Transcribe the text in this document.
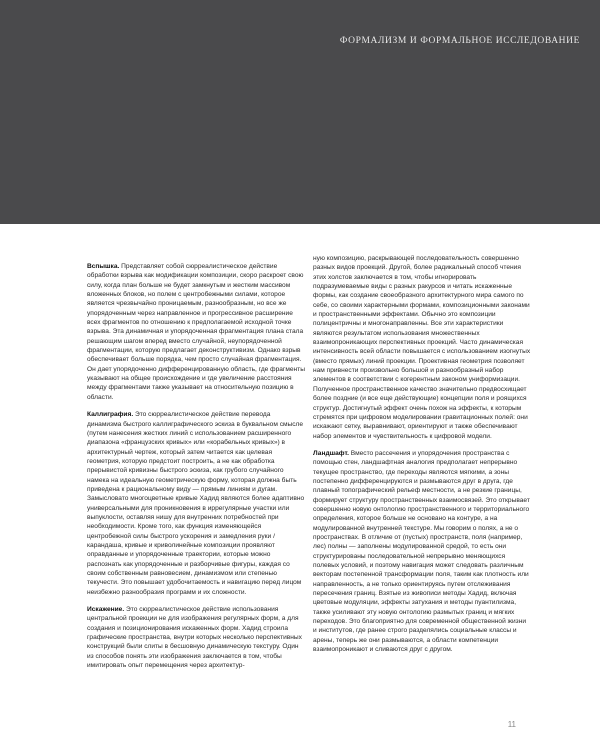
ФОРМАЛИЗМ И ФОРМАЛЬНОЕ ИССЛЕДОВАНИЕ

Вспышка. Представляет собой сюрреалистическое действие обработки взрыва как модификации композиции, скоро раскроет свою силу, когда план больше не будет замкнутым и жестким массивом вложенных блоков, но полем с центробежными силами, которое является чрезвычайно проницаемым, разнообразным, но все же упорядоченным через направленное и прогрессивное расширение всех фрагментов по отношению к предполагаемой исходной точке взрыва. Эта динамичная и упорядоченная фрагментация плана стала решающим шагом вперед вместо случайной, неупорядоченной фрагментации, которую предлагает деконструктивизм. Однако взрыв обеспечивает больше порядка, чем просто случайная фрагментация. Он дает упорядоченно дифференцированную область, где фрагменты указывают на общее происхождение и где увеличение расстояния между фрагментами также указывает на относительную позицию в области.

Каллиграфия. Это сюрреалистическое действие перевода динамизма быстрого каллиграфического эскиза в буквальном смысле (путем нанесения жестких линий с использованием расширенного диапазона «французских кривых» или «корабельных кривых») в архитектурный чертеж, который затем читается как целевая геометрия, которую предстоит построить, а не как обработка прерывистой кривизны быстрого эскиза, как грубого случайного намека на идеальную геометрическую форму, которая должна быть приведена к рациональному виду — прямым линиям и дугам. Замысловато многоцветные кривые Хадид являются более адаптивно универсальными для проникновения в иррегулярные участки или выпуклости, оставляя нишу для внутренних потребностей при необходимости. Кроме того, как функция изменяющейся центробежной силы быстрого ускорения и замедления руки / карандаша, кривые и криволинейные композиции проявляют оправданные и упорядоченные траектории, которые можно распознать как упорядоченные и разборчивые фигуры, каждая со своим собственным равновесием, динамизмом или степенью текучести. Это повышает удобочитаемость и навигацию перед лицом неизбежно разнообразия программ и их сложности.

Искажение. Это сюрреалистическое действие использования центральной проекции не для изображения регулярных форм, а для создания и позиционирования искаженных форм. Хадид строила графические пространства, внутри которых несколько перспективных конструкций были слиты в бесшовную динамическую текстуру. Один из способов понять эти изображения заключается в том, чтобы имитировать опыт перемещения через архитектур-

ную композицию, раскрывающей последовательность совершенно разных видов проекций. Другой, более радикальный способ чтения этих холстов заключается в том, чтобы игнорировать подразумеваемые виды с разных ракурсов и читать искаженные формы, как создание своеобразного архитектурного мира самого по себе, со своими характерными формами, композиционными законами и пространственными эффектами. Обычно это композиции полицентричны и многонаправленны. Все эти характеристики являются результатом использования множественных взаимопроникающих перспективных проекций. Часто динамическая интенсивность всей области повышается с использованием изогнутых (вместо прямых) линий проекции. Проективная геометрия позволяет нам привнести произвольно большой и разнообразный набор элементов в соответствии с когерентным законом униформизации. Полученное пространственное качество значительно предвосхищает более поздние (и все еще действующие) концепции поля и роящихся структур. Достигнутый эффект очень похож на эффекты, к которым стремятся при цифровом моделировании гравитационных полей: они искажают сетку, выравнивают, ориентируют и также обеспечивают набор элементов и чувствительность к цифровой модели.

Ландшафт. Вместо рассечения и упорядочения пространства с помощью стен, ландшафтная аналогия предполагает непрерывно текущее пространство, где переходы являются мягкими, а зоны постепенно дифференцируются и размываются друг в друга, где плавный топографический рельеф местности, а не резкие границы, формирует структуру пространственных взаимосвязей. Это открывает совершенно новую онтологию пространственного и территориального определения, которое больше не основано на контуре, а на модулированной внутренней текстуре. Мы говорим о полях, а не о пространствах. В отличие от (пустых) пространств, поля (например, лес) полны — заполнены модулированной средой, то есть они структурированы последовательной непрерывно меняющихся полевых условий, и поэтому навигация может следовать различным векторам постепенной трансформации поля, таким как плотность или направленность, а не только ориентируясь путем отслеживания пересечения границ. Взятые из живописи методы Хадид, включая цветовые модуляции, эффекты затухания и методы пуантилизма, также усиливают эту новую онтологию размытых границ и мягких переходов. Это благоприятно для современной общественной жизни и институтов, где ранее строго разделялись социальные классы и арены, теперь же они размываются, а области компетенции взаимопроникают и сливаются друг с другом.

11
